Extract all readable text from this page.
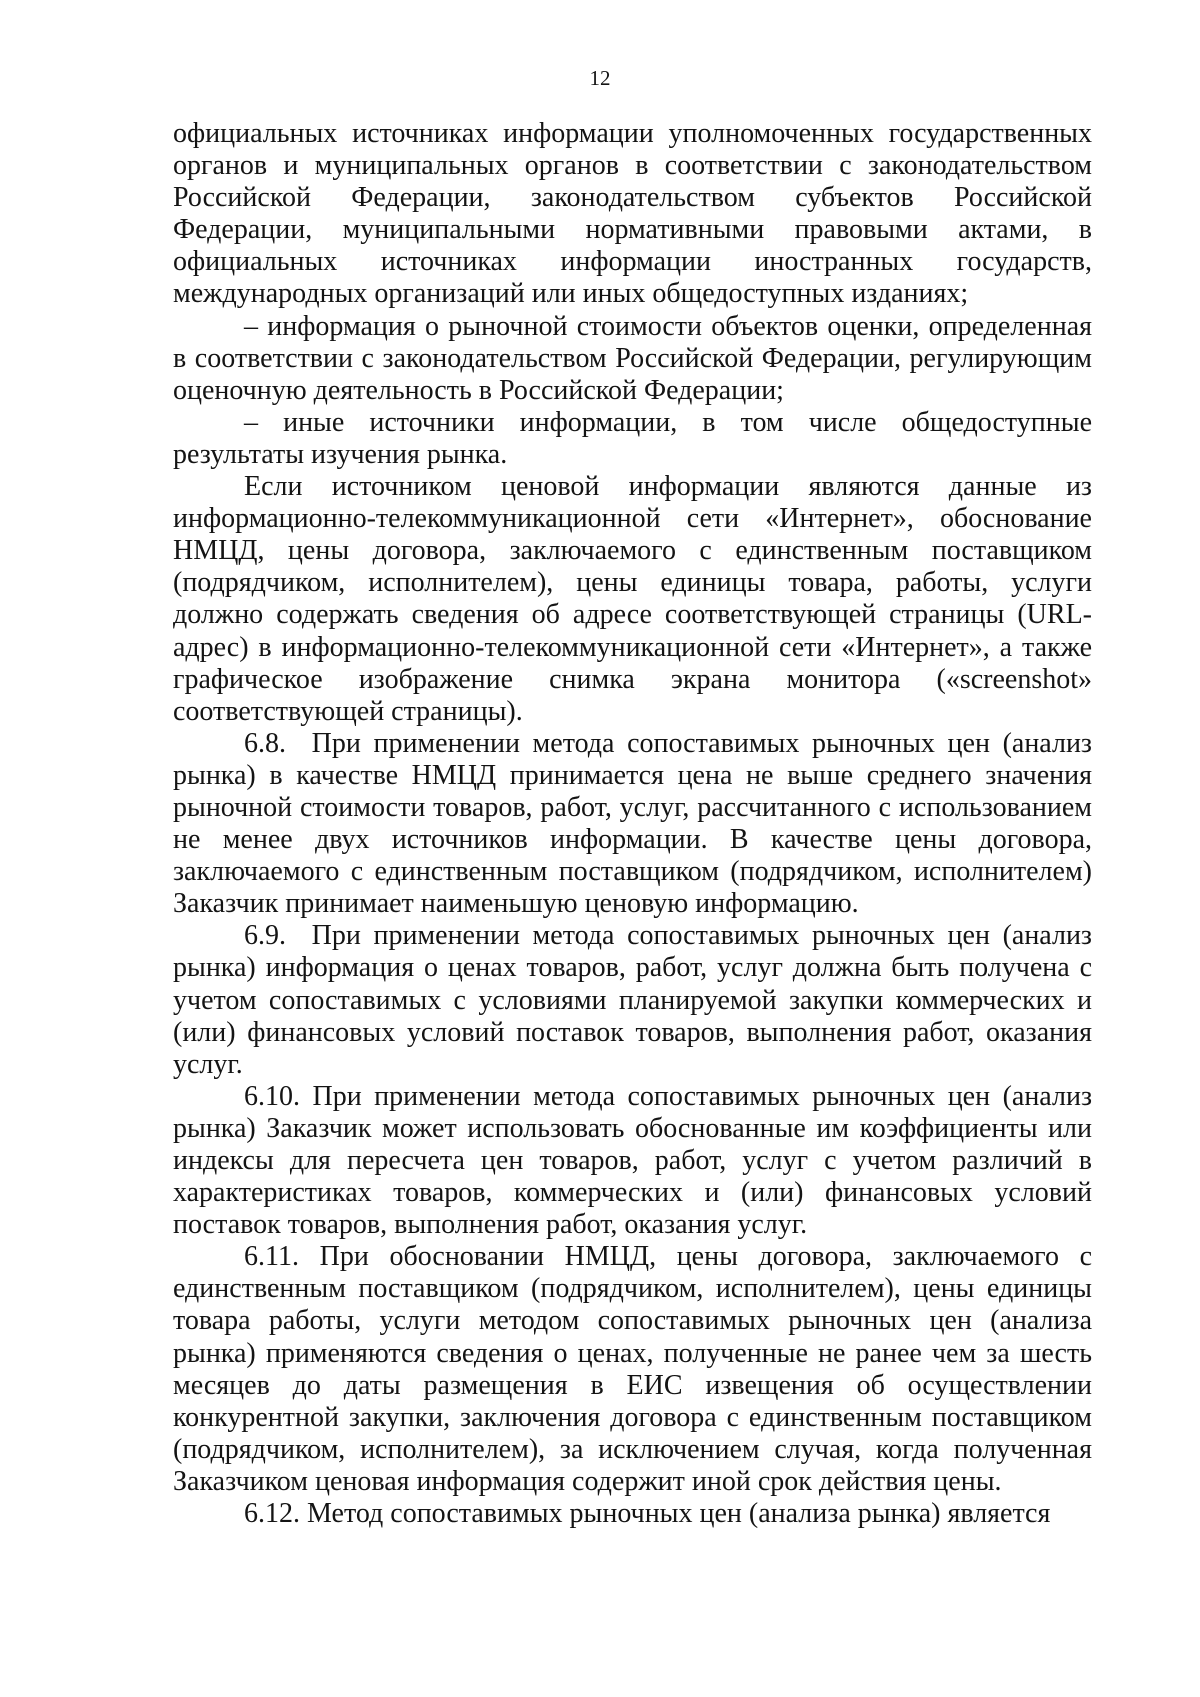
12

официальных источниках информации уполномоченных государственных органов и муниципальных органов в соответствии с законодательством Российской Федерации, законодательством субъектов Российской Федерации, муниципальными нормативными правовыми актами, в официальных источниках информации иностранных государств, международных организаций или иных общедоступных изданиях;

– информация о рыночной стоимости объектов оценки, определенная в соответствии с законодательством Российской Федерации, регулирующим оценочную деятельность в Российской Федерации;

– иные источники информации, в том числе общедоступные результаты изучения рынка.

Если источником ценовой информации являются данные из информационно-телекоммуникационной сети «Интернет», обоснование НМЦД, цены договора, заключаемого с единственным поставщиком (подрядчиком, исполнителем), цены единицы товара, работы, услуги должно содержать сведения об адресе соответствующей страницы (URL-адрес) в информационно-телекоммуникационной сети «Интернет», а также графическое изображение снимка экрана монитора («screenshot» соответствующей страницы).

6.8. При применении метода сопоставимых рыночных цен (анализ рынка) в качестве НМЦД принимается цена не выше среднего значения рыночной стоимости товаров, работ, услуг, рассчитанного с использованием не менее двух источников информации. В качестве цены договора, заключаемого с единственным поставщиком (подрядчиком, исполнителем) Заказчик принимает наименьшую ценовую информацию.

6.9. При применении метода сопоставимых рыночных цен (анализ рынка) информация о ценах товаров, работ, услуг должна быть получена с учетом сопоставимых с условиями планируемой закупки коммерческих и (или) финансовых условий поставок товаров, выполнения работ, оказания услуг.

6.10. При применении метода сопоставимых рыночных цен (анализ рынка) Заказчик может использовать обоснованные им коэффициенты или индексы для пересчета цен товаров, работ, услуг с учетом различий в характеристиках товаров, коммерческих и (или) финансовых условий поставок товаров, выполнения работ, оказания услуг.

6.11. При обосновании НМЦД, цены договора, заключаемого с единственным поставщиком (подрядчиком, исполнителем), цены единицы товара работы, услуги методом сопоставимых рыночных цен (анализа рынка) применяются сведения о ценах, полученные не ранее чем за шесть месяцев до даты размещения в ЕИС извещения об осуществлении конкурентной закупки, заключения договора с единственным поставщиком (подрядчиком, исполнителем), за исключением случая, когда полученная Заказчиком ценовая информация содержит иной срок действия цены.

6.12. Метод сопоставимых рыночных цен (анализа рынка) является
